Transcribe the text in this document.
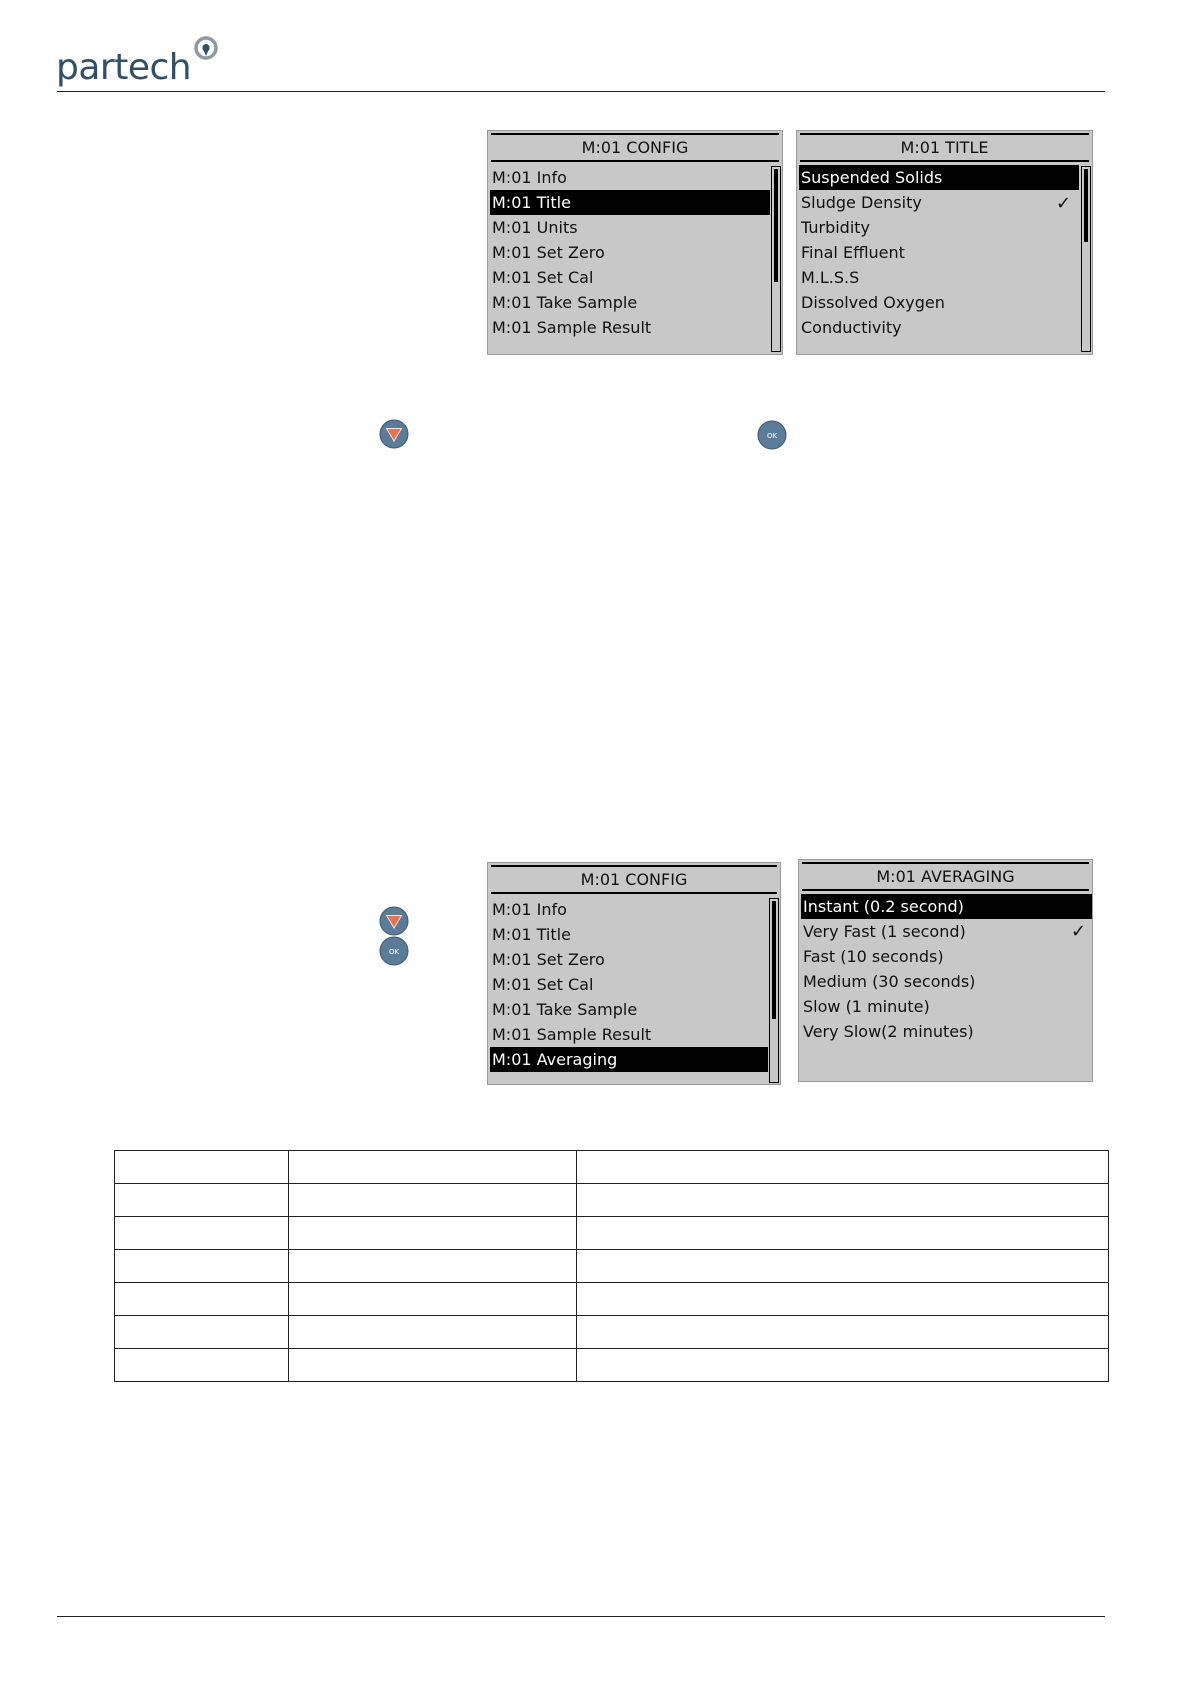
partech
M:01 CONFIG
M:01 Info
M:01 Title
M:01 Units
M:01 Set Zero
M:01 Set Cal
M:01 Take Sample
M:01 Sample Result
M:01 TITLE
Suspended Solids
Sludge Density
Turbidity
Final Effluent
M.L.S.S
Dissolved Oxygen
Conductivity
✓
OK
M:01 CONFIG
M:01 Info
M:01 Title
M:01 Set Zero
M:01 Set Cal
M:01 Take Sample
M:01 Sample Result
M:01 Averaging
M:01 AVERAGING
Instant (0.2 second)
Very Fast (1 second)
Fast (10 seconds)
Medium (30 seconds)
Slow (1 minute)
Very Slow(2 minutes)
✓
OK
